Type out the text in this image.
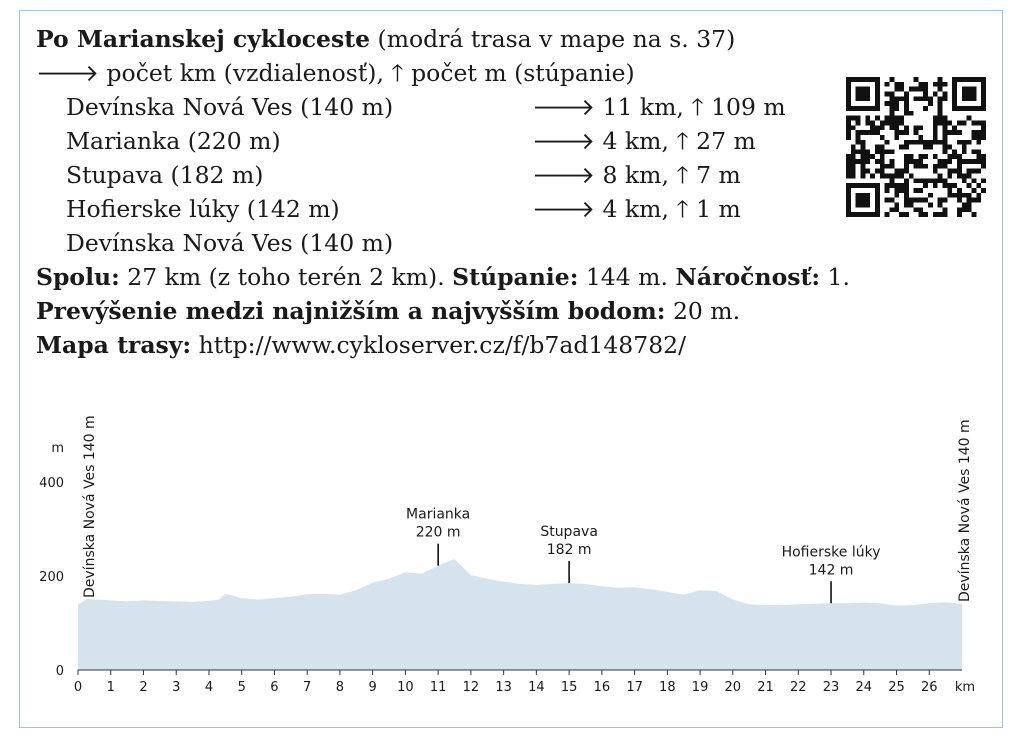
Po Marianskej cykloceste (modrá trasa v mape na s. 37)
🡒 počet km (vzdialenosť), 🡑 počet m (stúpanie)
Devínska Nová Ves (140 m)	🡒 11 km, 🡑 109 m
Marianka (220 m)	🡒 4 km, 🡑 27 m
Stupava (182 m)	🡒 8 km, 🡑 7 m
Hofierske lúky (142 m)	🡒 4 km, 🡑 1 m
Devínska Nová Ves (140 m)
Spolu: 27 km (z toho terén 2 km). Stúpanie: 144 m. Náročnosť: 1.
Prevýšenie medzi najnižším a najvyšším bodom: 20 m.
Mapa trasy: http://www.cykloserver.cz/f/b7ad148782/
0 1 2 3 4 5 6 7 8 9 10 11 12 13 14 15 16 17 18 19 20 21 22 23 24 25 26 km
0
200
400
m
220 m
Marianka
182 m
Stupava
142 m
Hofierske lúky
Devínska Nová Ves 140 m	Devínska Nová Ves 140 m
